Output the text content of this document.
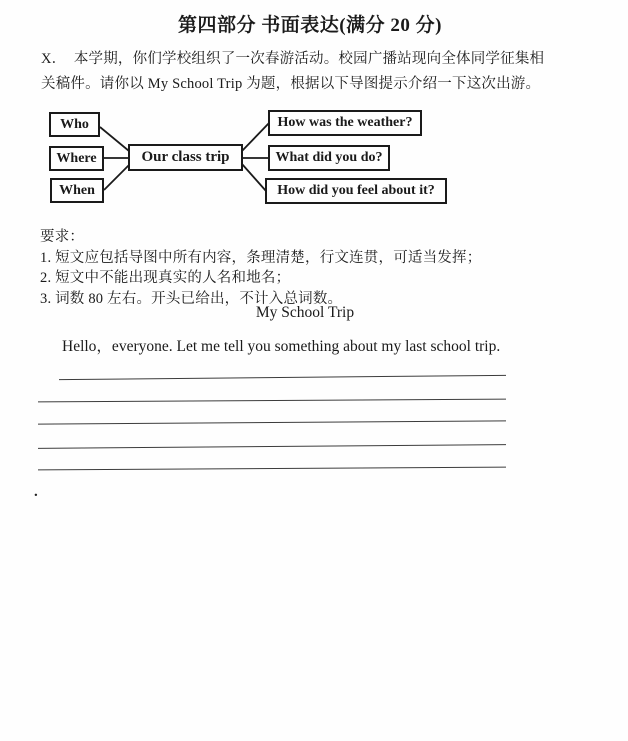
第四部分 书面表达(满分 20 分)
X．　本学期，你们学校组织了一次春游活动。校园广播站现向全体同学征集相
关稿件。请你以 My School Trip 为题，根据以下导图提示介绍一下这次出游。
Who
Where
When
Our class trip
How was the weather?
What did you do?
How did you feel about it?
要求：
1. 短文应包括导图中所有内容，条理清楚，行文连贯，可适当发挥；
2. 短文中不能出现真实的人名和地名；
3. 词数 80 左右。开头已给出，不计入总词数。
My School Trip
Hello，everyone. Let me tell you something about my last school trip.
.
